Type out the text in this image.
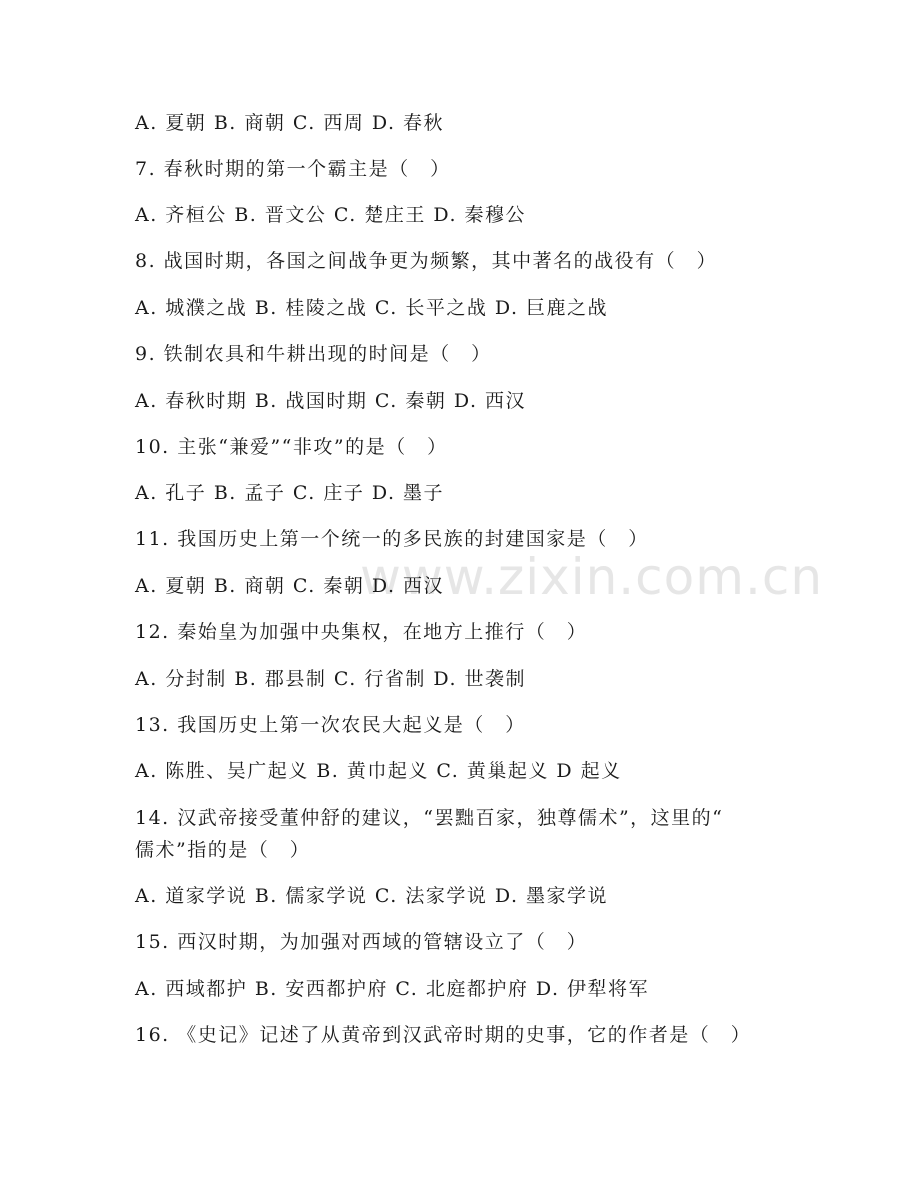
www.zixin.com.cn
A. 夏朝 B. 商朝 C. 西周 D. 春秋
7. 春秋时期的第一个霸主是（　）
A. 齐桓公 B. 晋文公 C. 楚庄王 D. 秦穆公
8. 战国时期，各国之间战争更为频繁，其中著名的战役有（　）
A. 城濮之战 B. 桂陵之战 C. 长平之战 D. 巨鹿之战
9. 铁制农具和牛耕出现的时间是（　）
A. 春秋时期 B. 战国时期 C. 秦朝 D. 西汉
10. 主张“兼爱”“非攻”的是（　）
A. 孔子 B. 孟子 C. 庄子 D. 墨子
11. 我国历史上第一个统一的多民族的封建国家是（　）
A. 夏朝 B. 商朝 C. 秦朝 D. 西汉
12. 秦始皇为加强中央集权，在地方上推行（　）
A. 分封制 B. 郡县制 C. 行省制 D. 世袭制
13. 我国历史上第一次农民大起义是（　）
A. 陈胜、吴广起义 B. 黄巾起义 C. 黄巢起义 D 起义
14. 汉武帝接受董仲舒的建议，“罢黜百家，独尊儒术”，这里的“
儒术”指的是（　）
A. 道家学说 B. 儒家学说 C. 法家学说 D. 墨家学说
15. 西汉时期，为加强对西域的管辖设立了（　）
A. 西域都护 B. 安西都护府 C. 北庭都护府 D. 伊犁将军
16. 《史记》记述了从黄帝到汉武帝时期的史事，它的作者是（　）
